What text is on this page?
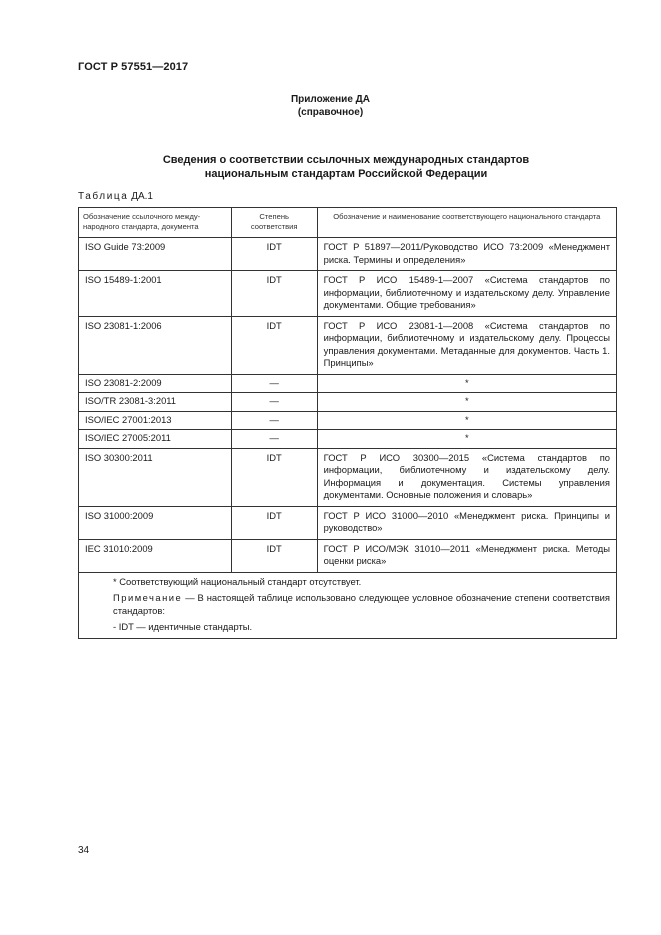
ГОСТ Р 57551—2017
Приложение ДА
(справочное)
Сведения о соответствии ссылочных международных стандартов
национальным стандартам Российской Федерации
Таблица ДА.1
Обозначение ссылочного междy- народного стандарта, документа	Степень соответствия	Обозначение и наименование соответствующего национального стандарта
ISO Guide 73:2009	IDT	ГОСТ Р 51897—2011/Руководство ИСО 73:2009 «Менеджмент риска. Термины и определения»
ISO 15489-1:2001	IDT	ГОСТ Р ИСО 15489-1—2007 «Система стандартов по информации, библиотечному и издательскому делу. Управление документами. Общие требования»
ISO 23081-1:2006	IDT	ГОСТ Р ИСО 23081-1—2008 «Система стандартов по информации, библиотечному и издательскому делу. Процессы управления документами. Метаданные для документов. Часть 1. Принципы»
ISO 23081-2:2009	—	*
ISO/TR 23081-3:2011	—	*
ISO/IEC 27001:2013	—	*
ISO/IEC 27005:2011	—	*
ISO 30300:2011	IDT	ГОСТ Р ИСО 30300—2015 «Система стандартов по информации, библиотечному и издательскому делу. Информация и документация. Системы управления документами. Основные положения и словарь»
ISO 31000:2009	IDT	ГОСТ Р ИСО 31000—2010 «Менеджмент риска. Принципы и руководство»
IEC 31010:2009	IDT	ГОСТ Р ИСО/МЭК 31010—2011 «Менеджмент риска. Методы оценки риска»

* Соответствующий национальный стандарт отсутствует.

Примечание — В настоящей таблице использовано следующее условное обозначение степени соответствия стандартов:

- IDT — идентичные стандарты.		

34
